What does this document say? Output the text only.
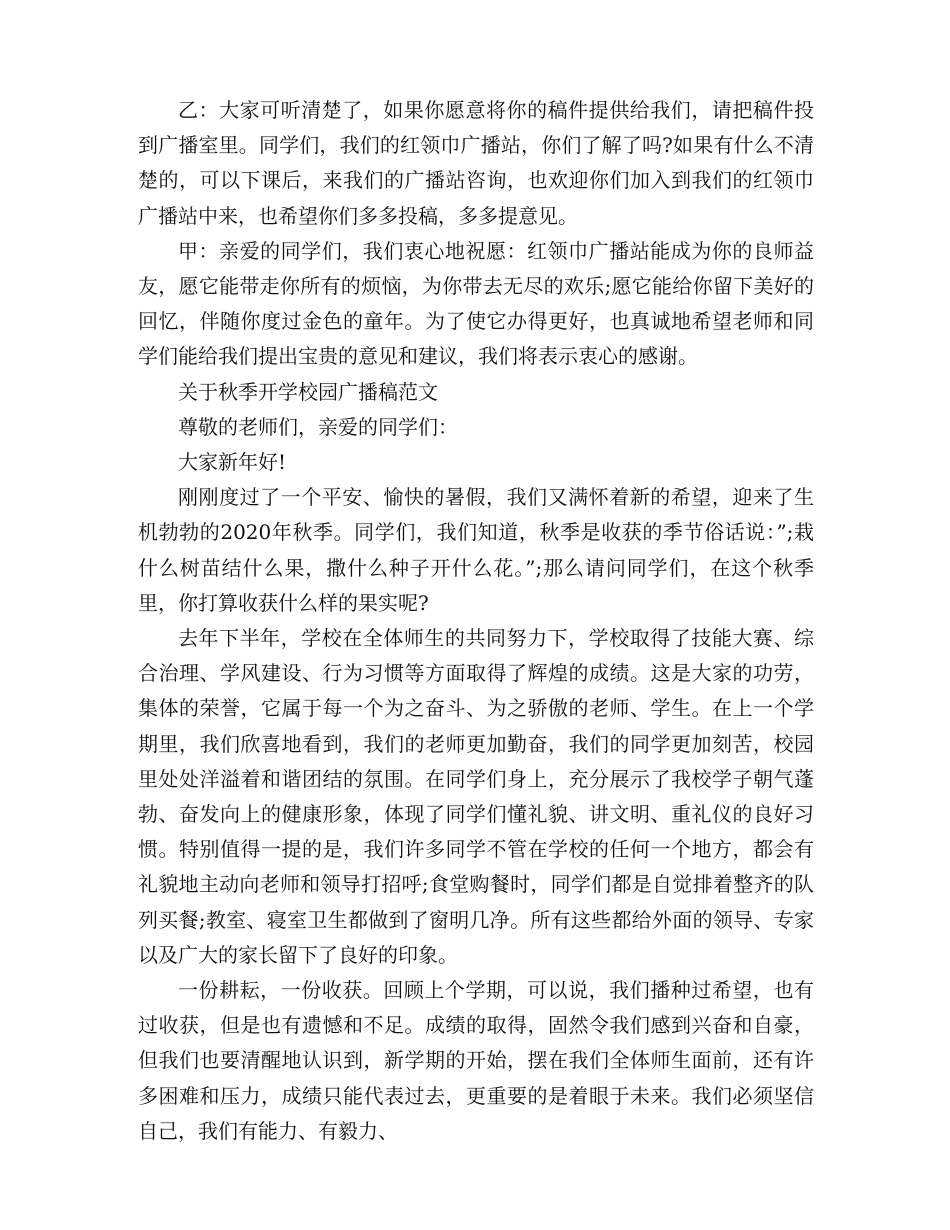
乙：大家可听清楚了，如果你愿意将你的稿件提供给我们，请把稿件投到广播室里。同学们，我们的红领巾广播站，你们了解了吗?如果有什么不清楚的，可以下课后，来我们的广播站咨询，也欢迎你们加入到我们的红领巾广播站中来，也希望你们多多投稿，多多提意见。

甲：亲爱的同学们，我们衷心地祝愿：红领巾广播站能成为你的良师益友，愿它能带走你所有的烦恼，为你带去无尽的欢乐;愿它能给你留下美好的回忆，伴随你度过金色的童年。为了使它办得更好，也真诚地希望老师和同学们能给我们提出宝贵的意见和建议，我们将表示衷心的感谢。

关于秋季开学校园广播稿范文

尊敬的老师们，亲爱的同学们：

大家新年好!

刚刚度过了一个平安、愉快的暑假，我们又满怀着新的希望，迎来了生机勃勃的2020年秋季。同学们，我们知道，秋季是收获的季节俗话说：”;栽什么树苗结什么果，撒什么种子开什么花。”;那么请问同学们，在这个秋季里，你打算收获什么样的果实呢?

去年下半年，学校在全体师生的共同努力下，学校取得了技能大赛、综合治理、学风建设、行为习惯等方面取得了辉煌的成绩。这是大家的功劳，集体的荣誉，它属于每一个为之奋斗、为之骄傲的老师、学生。在上一个学期里，我们欣喜地看到，我们的老师更加勤奋，我们的同学更加刻苦，校园里处处洋溢着和谐团结的氛围。在同学们身上，充分展示了我校学子朝气蓬勃、奋发向上的健康形象，体现了同学们懂礼貌、讲文明、重礼仪的良好习惯。特别值得一提的是，我们许多同学不管在学校的任何一个地方，都会有礼貌地主动向老师和领导打招呼;食堂购餐时，同学们都是自觉排着整齐的队列买餐;教室、寝室卫生都做到了窗明几净。所有这些都给外面的领导、专家以及广大的家长留下了良好的印象。

一份耕耘，一份收获。回顾上个学期，可以说，我们播种过希望，也有过收获，但是也有遗憾和不足。成绩的取得，固然令我们感到兴奋和自豪，但我们也要清醒地认识到，新学期的开始，摆在我们全体师生面前，还有许多困难和压力，成绩只能代表过去，更重要的是着眼于未来。我们必须坚信自己，我们有能力、有毅力、
